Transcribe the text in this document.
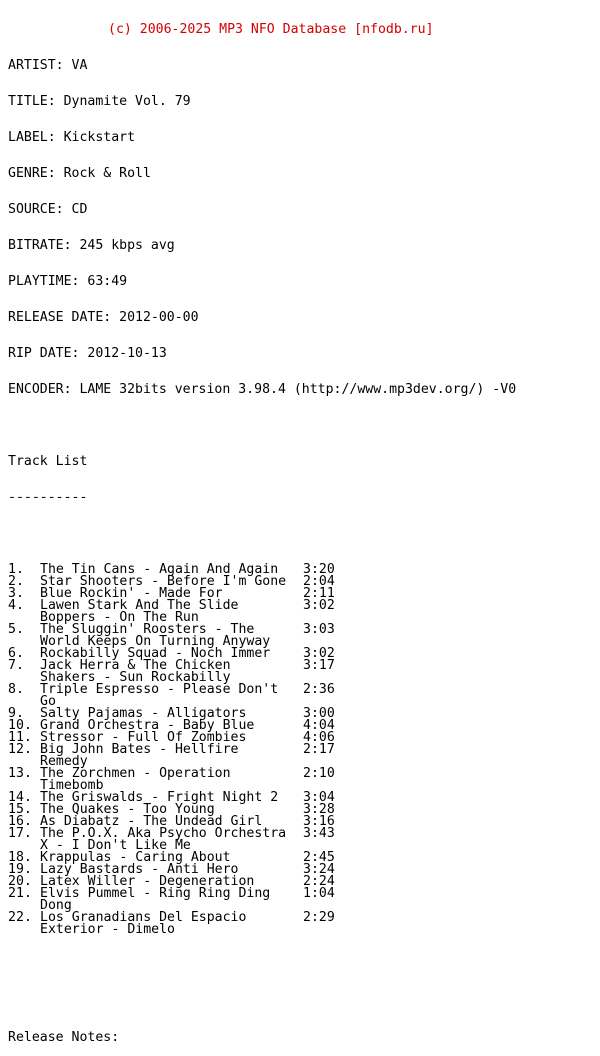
(c) 2006-2025 MP3 NFO Database [nfodb.ru]

ARTIST: VA

TITLE: Dynamite Vol. 79

LABEL: Kickstart

GENRE: Rock & Roll

SOURCE: CD

BITRATE: 245 kbps avg

PLAYTIME: 63:49

RELEASE DATE: 2012-00-00

RIP DATE: 2012-10-13

ENCODER: LAME 32bits version 3.98.4 (http://www.mp3dev.org/) -V0

Track List

----------

1.	The Tin Cans - Again And Again	3:20
2.	Star Shooters - Before I'm Gone	2:04
3.	Blue Rockin' - Made For	2:11
4.	Lawen Stark And The Slide	3:02
Boppers - On The Run
5.	The Sluggin' Roosters - The	3:03
World Keeps On Turning Anyway
6.	Rockabilly Squad - Noch Immer	3:02
7.	Jack Herra & The Chicken	3:17
Shakers - Sun Rockabilly
8.	Triple Espresso - Please Don't	2:36
Go
9.	Salty Pajamas - Alligators	3:00
10. Grand Orchestra - Baby Blue	4:04
11. Stressor - Full Of Zombies	4:06
12. Big John Bates - Hellfire	2:17
Remedy
13. The Zorchmen - Operation	2:10
Timebomb
14. The Griswalds - Fright Night 2	3:04
15. The Quakes - Too Young	3:28
16. As Diabatz - The Undead Girl	3:16
17. The P.O.X. Aka Psycho Orchestra	3:43
X - I Don't Like Me
18. Krappulas - Caring About	2:45
19. Lazy Bastards - Anti Hero	3:24
20. Latex Willer - Degeneration	2:24
21. Elvis Pummel - Ring Ring Ding	1:04
Dong
22. Los Granadians Del Espacio	2:29
Exterior - Dimelo

Release Notes:
